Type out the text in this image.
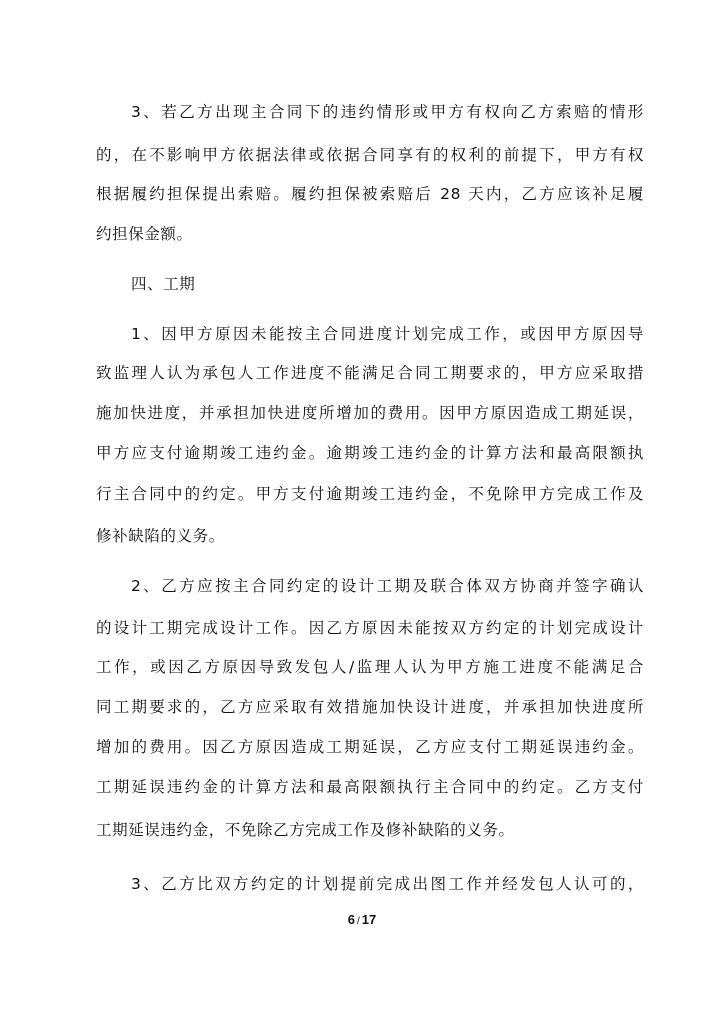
3、若乙方出现主合同下的违约情形或甲方有权向乙方索赔的情形
的，在不影响甲方依据法律或依据合同享有的权利的前提下，甲方有权
根据履约担保提出索赔。履约担保被索赔后 28 天内，乙方应该补足履
约担保金额。
四、工期
1、因甲方原因未能按主合同进度计划完成工作，或因甲方原因导
致监理人认为承包人工作进度不能满足合同工期要求的，甲方应采取措
施加快进度，并承担加快进度所增加的费用。因甲方原因造成工期延误，
甲方应支付逾期竣工违约金。逾期竣工违约金的计算方法和最高限额执
行主合同中的约定。甲方支付逾期竣工违约金，不免除甲方完成工作及
修补缺陷的义务。
2、乙方应按主合同约定的设计工期及联合体双方协商并签字确认
的设计工期完成设计工作。因乙方原因未能按双方约定的计划完成设计
工作，或因乙方原因导致发包人/监理人认为甲方施工进度不能满足合
同工期要求的，乙方应采取有效措施加快设计进度，并承担加快进度所
增加的费用。因乙方原因造成工期延误，乙方应支付工期延误违约金。
工期延误违约金的计算方法和最高限额执行主合同中的约定。乙方支付
工期延误违约金，不免除乙方完成工作及修补缺陷的义务。
3、乙方比双方约定的计划提前完成出图工作并经发包人认可的，
6 / 17
